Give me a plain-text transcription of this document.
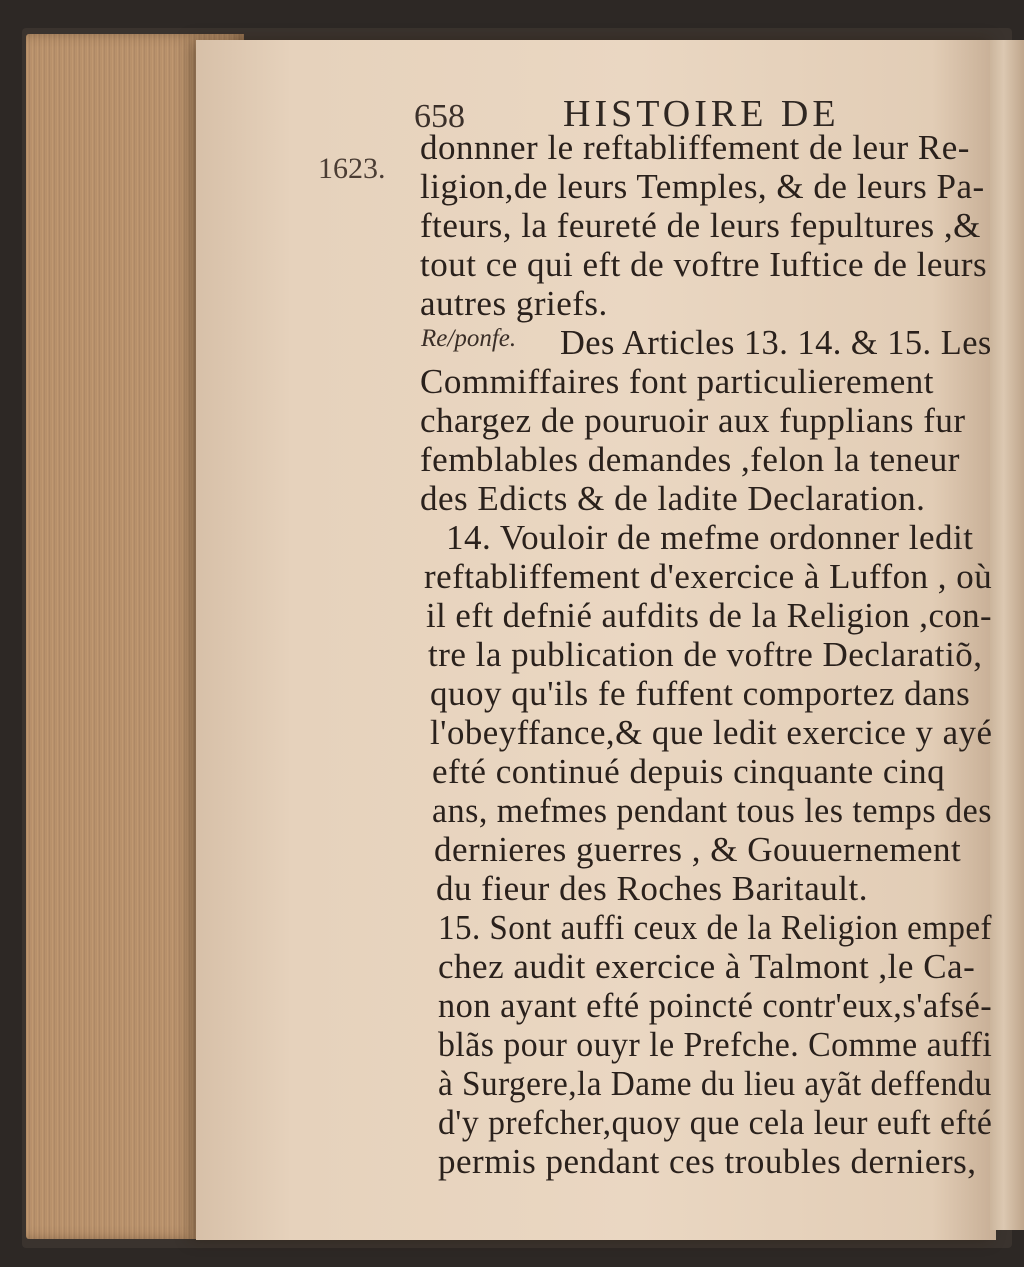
658	HISTOIRE DE
1623.
Re/ponfe.
donnner le reftabliffement de leur Re-
ligion,de leurs Temples, & de leurs Pa-
fteurs, la feureté de leurs fepultures ,&
tout ce qui eft de voftre Iuftice de leurs
autres griefs.
Des Articles 13. 14. & 15. Les
Commiffaires font particulierement
chargez de pouruoir aux fupplians fur
femblables demandes ,felon la teneur
des Edicts & de ladite Declaration.
14. Vouloir de mefme ordonner ledit
reftabliffement d'exercice à Luffon , où
il eft defnié aufdits de la Religion ,con-
tre la publication de voftre Declaratiõ,
quoy qu'ils fe fuffent comportez dans
l'obeyffance,& que ledit exercice y ayé
efté continué depuis cinquante cinq
ans, mefmes pendant tous les temps des
dernieres guerres , & Gouuernement
du fieur des Roches Baritault.
15. Sont auffi ceux de la Religion empef
chez audit exercice à Talmont ,le Ca-
non ayant efté poincté contr'eux,s'afsé-
blãs pour ouyr le Prefche. Comme auffi
à Surgere,la Dame du lieu ayãt deffendu
d'y prefcher,quoy que cela leur euft efté
permis pendant ces troubles derniers,
